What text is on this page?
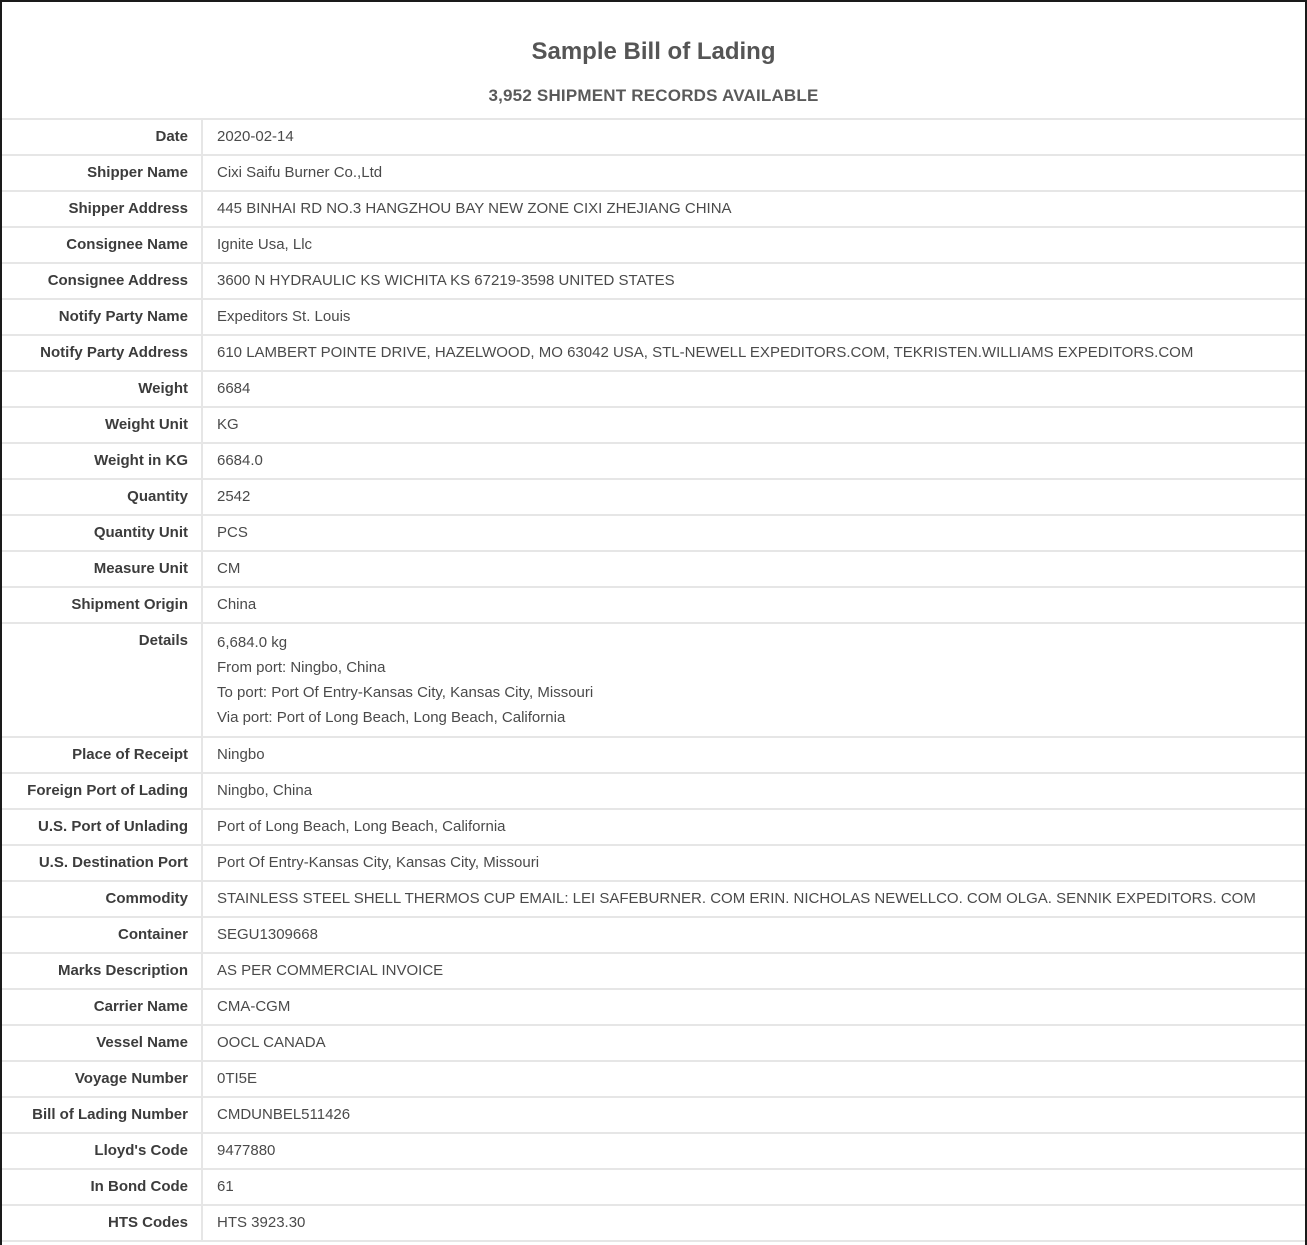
Sample Bill of Lading
3,952 SHIPMENT RECORDS AVAILABLE
Date	2020-02-14
Shipper Name	Cixi Saifu Burner Co.,Ltd
Shipper Address	445 BINHAI RD NO.3 HANGZHOU BAY NEW ZONE CIXI ZHEJIANG CHINA
Consignee Name	Ignite Usa, Llc
Consignee Address	3600 N HYDRAULIC KS WICHITA KS 67219-3598 UNITED STATES
Notify Party Name	Expeditors St. Louis
Notify Party Address	610 LAMBERT POINTE DRIVE, HAZELWOOD, MO 63042 USA, STL-NEWELL EXPEDITORS.COM, TEKRISTEN.WILLIAMS EXPEDITORS.COM
Weight	6684
Weight Unit	KG
Weight in KG	6684.0
Quantity	2542
Quantity Unit	PCS
Measure Unit	CM
Shipment Origin	China
Details	6,684.0 kg
From port: Ningbo, China
To port: Port Of Entry-Kansas City, Kansas City, Missouri
Via port: Port of Long Beach, Long Beach, California

Place of Receipt	Ningbo
Foreign Port of Lading	Ningbo, China
U.S. Port of Unlading	Port of Long Beach, Long Beach, California
U.S. Destination Port	Port Of Entry-Kansas City, Kansas City, Missouri
Commodity	STAINLESS STEEL SHELL THERMOS CUP EMAIL: LEI SAFEBURNER. COM ERIN. NICHOLAS NEWELLCO. COM OLGA. SENNIK EXPEDITORS. COM
Container	SEGU1309668
Marks Description	AS PER COMMERCIAL INVOICE
Carrier Name	CMA-CGM
Vessel Name	OOCL CANADA
Voyage Number	0TI5E
Bill of Lading Number	CMDUNBEL511426
Lloyd's Code	9477880
In Bond Code	61
HTS Codes	HTS 3923.30
